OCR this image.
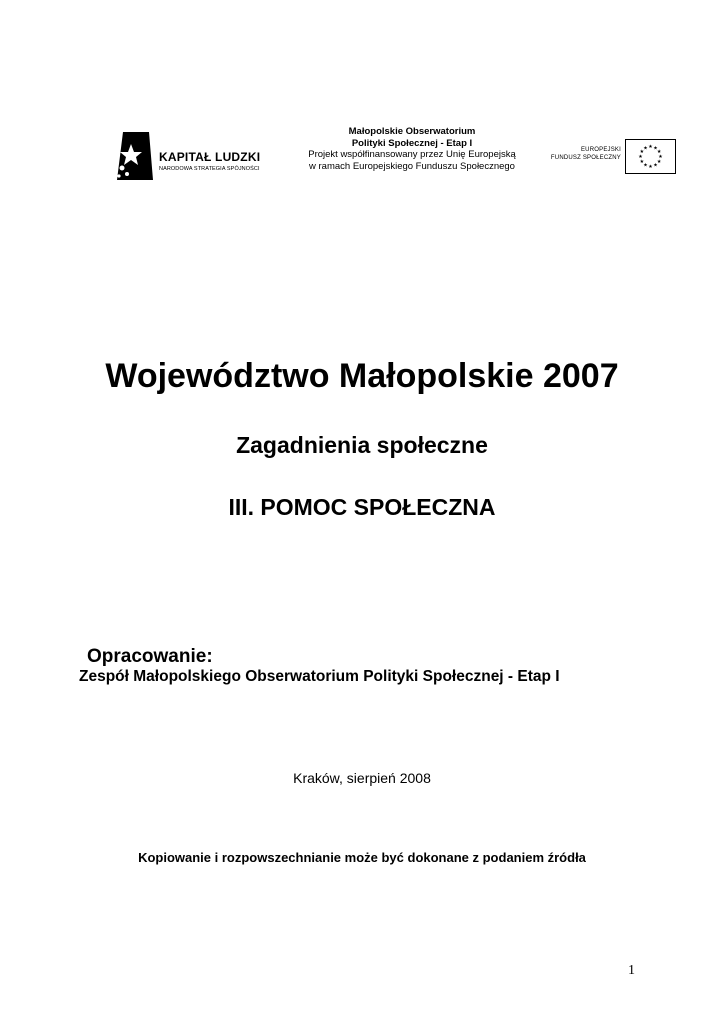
KAPITAŁ LUDZKI
NARODOWA STRATEGIA SPÓJNOŚCI
Małopolskie Obserwatorium
Polityki Społecznej - Etap I
Projekt współfinansowany przez Unię Europejską
w ramach Europejskiego Funduszu Społecznego
EUROPEJSKI
FUNDUSZ SPOŁECZNY
★ ★
★
★
★
★
★
★
★
★
★
★
Województwo Małopolskie 2007
Zagadnienia społeczne
III. POMOC SPOŁECZNA
Opracowanie:
Zespół Małopolskiego Obserwatorium Polityki Społecznej - Etap I
Kraków, sierpień 2008
Kopiowanie i rozpowszechnianie może być dokonane z podaniem źródła
1
